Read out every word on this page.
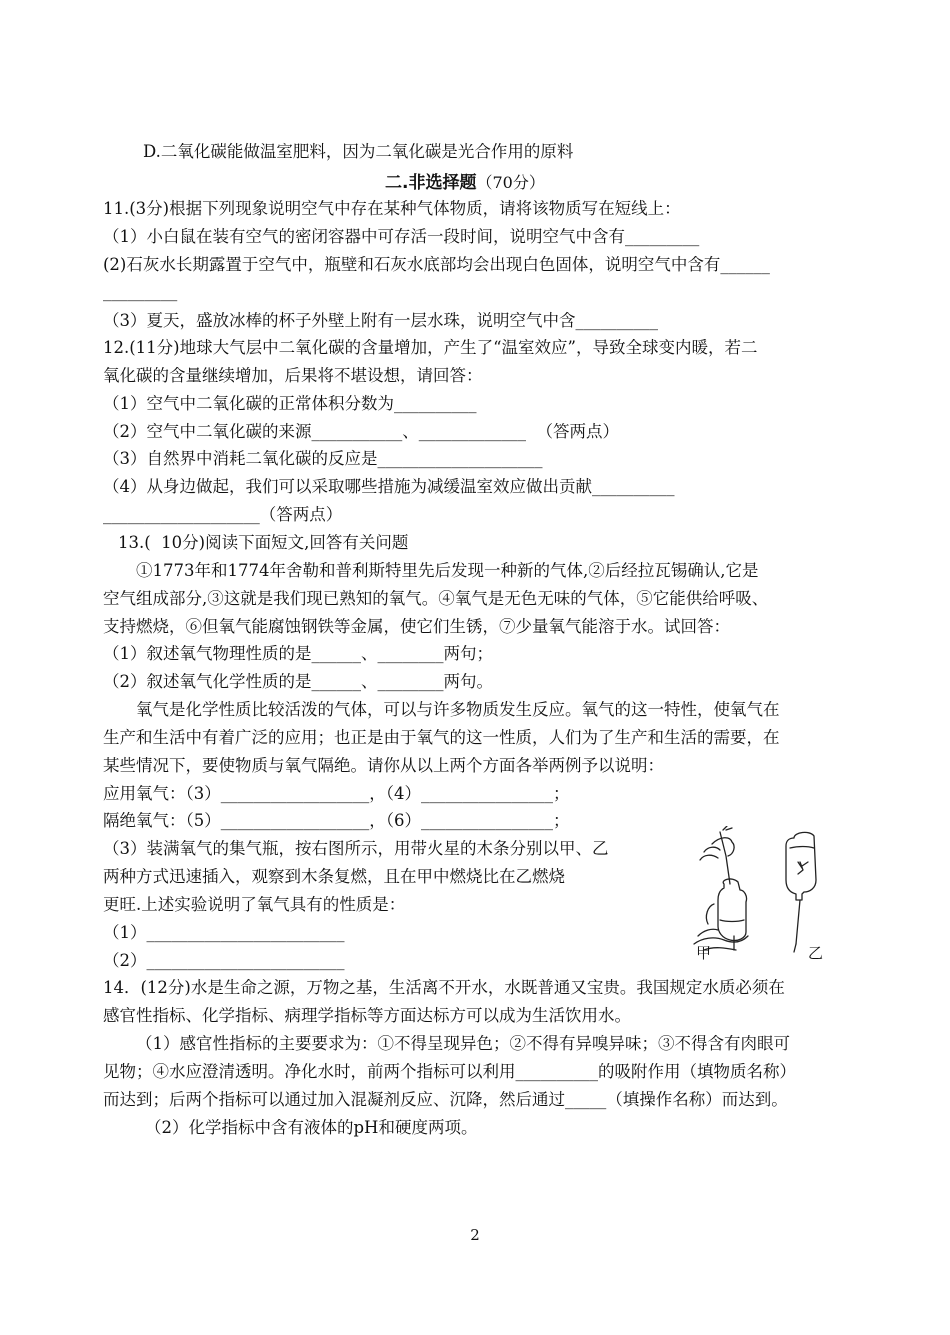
D.二氧化碳能做温室肥料，因为二氧化碳是光合作用的原料
二.非选择题（70分）
11.(3分)根据下列现象说明空气中存在某种气体物质，请将该物质写在短线上：
（1）小白鼠在装有空气的密闭容器中可存活一段时间，说明空气中含有_________
(2)石灰水长期露置于空气中，瓶壁和石灰水底部均会出现白色固体，说明空气中含有______
_________
（3）夏天，盛放冰棒的杯子外壁上附有一层水珠，说明空气中含__________
12.(11分)地球大气层中二氧化碳的含量增加，产生了“温室效应”，导致全球变内暖，若二
氧化碳的含量继续增加，后果将不堪设想，请回答：
（1）空气中二氧化碳的正常体积分数为__________
（2）空气中二氧化碳的来源___________、_____________  （答两点）
（3）自然界中消耗二氧化碳的反应是____________________
（4）从身边做起，我们可以采取哪些措施为减缓温室效应做出贡献__________
___________________（答两点）
13.(  10分)阅读下面短文,回答有关问题
①1773年和1774年舍勒和普利斯特里先后发现一种新的气体,②后经拉瓦锡确认,它是
空气组成部分,③这就是我们现已熟知的氧气。④氧气是无色无味的气体，⑤它能供给呼吸、
支持燃烧，⑥但氧气能腐蚀钢铁等金属，使它们生锈，⑦少量氧气能溶于水。试回答：
（1）叙述氧气物理性质的是______、________两句；
（2）叙述氧气化学性质的是______、________两句。
氧气是化学性质比较活泼的气体，可以与许多物质发生反应。氧气的这一特性，使氧气在
生产和生活中有着广泛的应用；也正是由于氧气的这一性质，人们为了生产和生活的需要，在
某些情况下，要使物质与氧气隔绝。请你从以上两个方面各举两例予以说明：
应用氧气：（3）__________________，（4）________________；
隔绝氧气：（5）__________________，（6）________________；
（3）装满氧气的集气瓶，按右图所示，用带火星的木条分别以甲、乙
两种方式迅速插入，观察到木条复燃，且在甲中燃烧比在乙燃烧
更旺.上述实验说明了氧气具有的性质是：
（1）________________________
（2）________________________
14．(12分)水是生命之源，万物之基，生活离不开水，水既普通又宝贵。我国规定水质必须在
感官性指标、化学指标、病理学指标等方面达标方可以成为生活饮用水。
（1）感官性指标的主要要求为：①不得呈现异色；②不得有异嗅异味；③不得含有肉眼可
见物；④水应澄清透明。净化水时，前两个指标可以利用__________的吸附作用（填物质名称）
而达到；后两个指标可以通过加入混凝剂反应、沉降，然后通过_____（填操作名称）而达到。
（2）化学指标中含有液体的pH和硬度两项。
甲	乙
2
